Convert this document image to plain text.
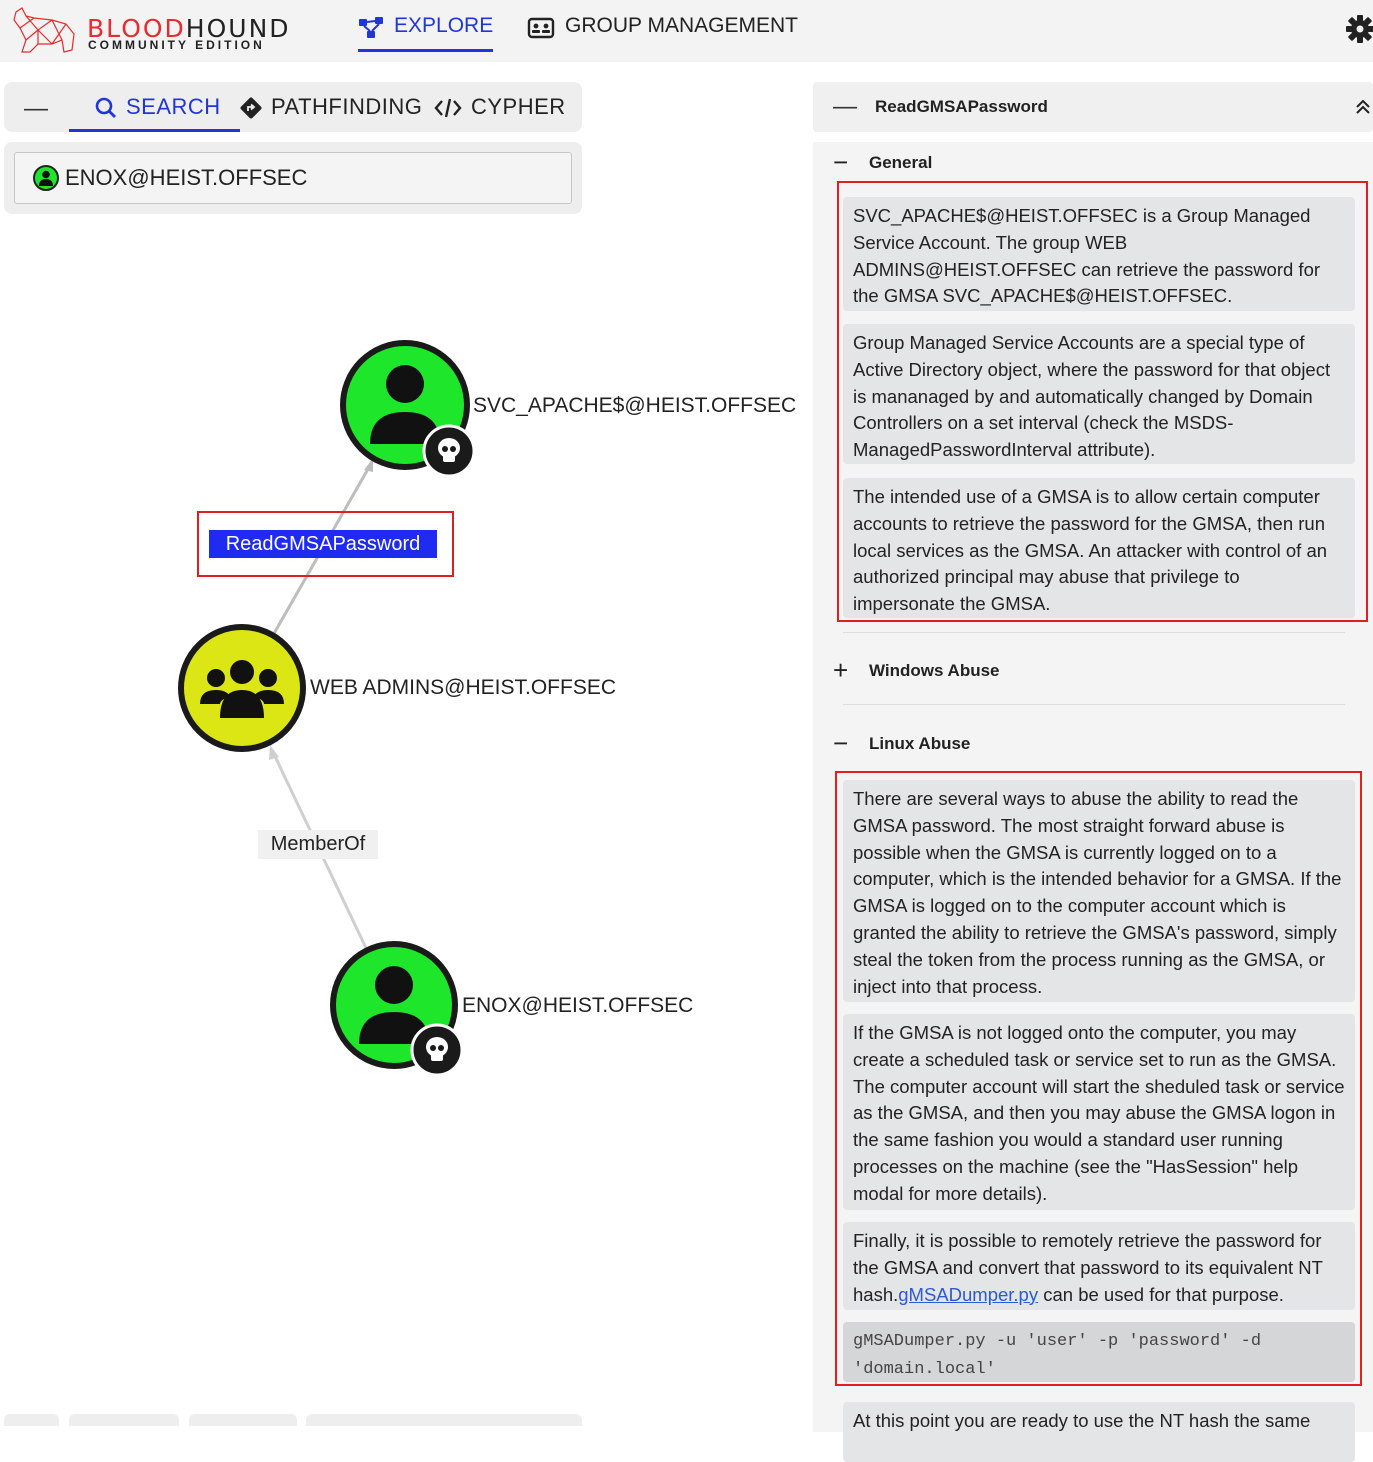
BLOODHOUND
COMMUNITY EDITION
EXPLORE	GROUP MANAGEMENT
—	SEARCH PATHFINDING CYPHER
ENOX@HEIST.OFFSEC
SVC_APACHE$@HEIST.OFFSEC
WEB ADMINS@HEIST.OFFSEC
ENOX@HEIST.OFFSEC
ReadGMSAPassword
MemberOf
— ReadGMSAPassword
− General
SVC_APACHE$@HEIST.OFFSEC is a Group Managed Service Account. The group WEB ADMINS@HEIST.OFFSEC can retrieve the password for the GMSA SVC_APACHE$@HEIST.OFFSEC.
Group Managed Service Accounts are a special type of Active Directory object, where the password for that object is mananaged by and automatically changed by Domain Controllers on a set interval (check the MSDS-ManagedPasswordInterval attribute).
The intended use of a GMSA is to allow certain computer accounts to retrieve the password for the GMSA, then run local services as the GMSA. An attacker with control of an authorized principal may abuse that privilege to impersonate the GMSA.
+ Windows Abuse
− Linux Abuse
There are several ways to abuse the ability to read the GMSA password. The most straight forward abuse is possible when the GMSA is currently logged on to a computer, which is the intended behavior for a GMSA. If the GMSA is logged on to the computer account which is granted the ability to retrieve the GMSA's password, simply steal the token from the process running as the GMSA, or inject into that process.
If the GMSA is not logged onto the computer, you may create a scheduled task or service set to run as the GMSA. The computer account will start the sheduled task or service as the GMSA, and then you may abuse the GMSA logon in the same fashion you would a standard user running processes on the machine (see the "HasSession" help modal for more details).
Finally, it is possible to remotely retrieve the password for the GMSA and convert that password to its equivalent NT hash.gMSADumper.py can be used for that purpose.
gMSADumper.py -u 'user' -p 'password' -d 'domain.local'
At this point you are ready to use the NT hash the same
